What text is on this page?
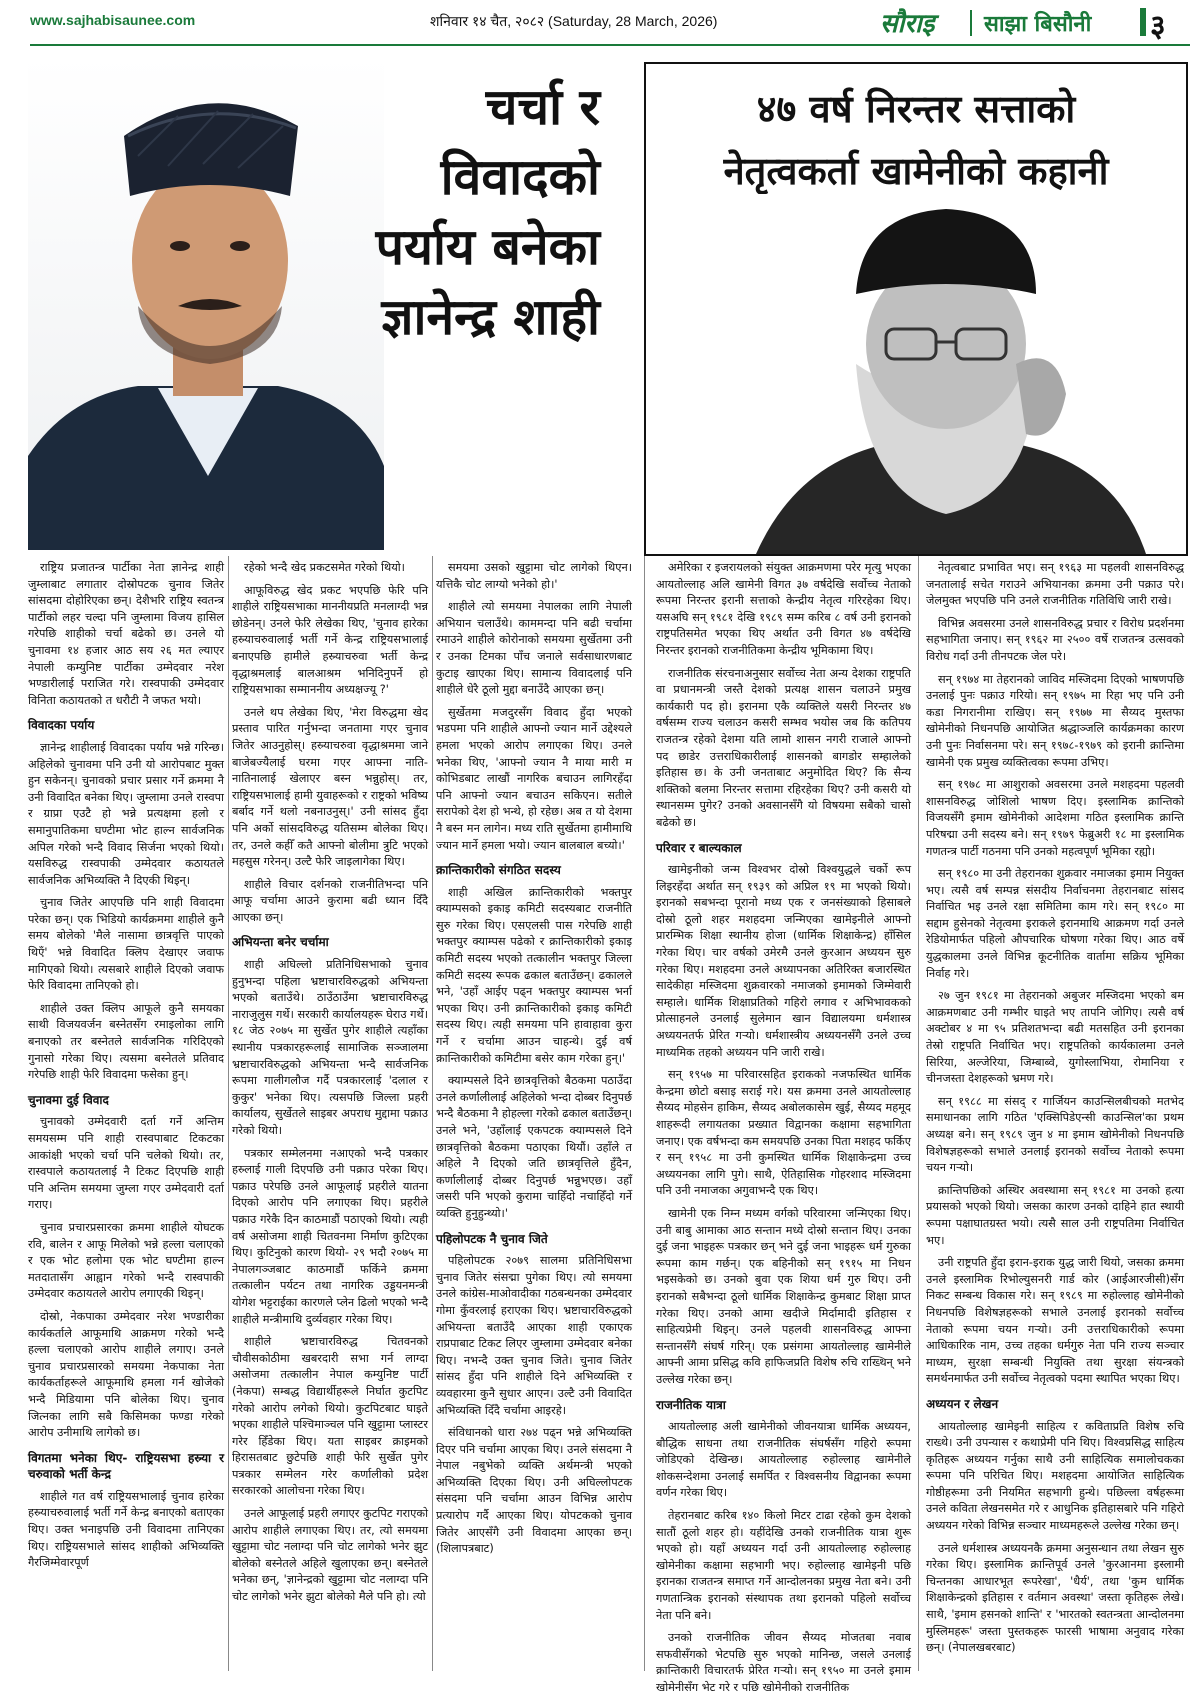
www.sajhabisaunee.com	शनिवार १४ चैत, २०८२ (Saturday, 28 March, 2026)	सौराइ साझा बिसौनी ३
चर्चा र
विवादको
पर्याय बनेका
ज्ञानेन्द्र शाही
४७ वर्ष निरन्तर सत्ताको
नेतृत्वकर्ता खामेनीको कहानी

राष्ट्रिय प्रजातन्त्र पार्टीका नेता ज्ञानेन्द्र शाही जुम्लाबाट लगातार दोस्रोपटक चुनाव जितेर सांसदमा दोहोरिएका छन्। देशैभरि राष्ट्रिय स्वतन्त्र पार्टीको लहर चल्दा पनि जुम्लामा विजय हासिल गरेपछि शाहीको चर्चा बढेको छ। उनले यो चुनावमा १४ हजार आठ सय २६ मत ल्याएर नेपाली कम्युनिष्ट पार्टीका उम्मेदवार नरेश भण्डारीलाई पराजित गरे। रास्वपाकी उम्मेदवार विनिता कठायतको त धरौटी नै जफत भयो।

विवादका पर्याय

ज्ञानेन्द्र शाहीलाई विवादका पर्याय भन्ने गरिन्छ। अहिलेको चुनावमा पनि उनी यो आरोपबाट मुक्त हुन सकेनन्। चुनावको प्रचार प्रसार गर्ने क्रममा नै उनी विवादित बनेका थिए। जुम्लामा उनले रास्वपा र ग्राप्रा एउटै हो भन्ने प्रत्यक्षमा हलो र समानुपातिकमा घण्टीमा भोट हाल्न सार्वजनिक अपिल गरेको भन्दै विवाद सिर्जना भएको थियो। यसविरुद्ध रास्वपाकी उम्मेदवार कठायतले सार्वजनिक अभिव्यक्ति नै दिएकी थिइन्।

चुनाव जितेर आएपछि पनि शाही विवादमा परेका छन्। एक भिडियो कार्यक्रममा शाहीले कुनै समय बोलेको 'मैले नासामा छात्रवृत्ति पाएको थिएँ' भन्ने विवादित क्लिप देखाएर जवाफ मागिएको थियो। त्यसबारे शाहीले दिएको जवाफ फेरि विवादमा तानिएको हो।

शाहीले उक्त क्लिप आफूले कुनै समयका साथी विजयवर्जन बस्नेतसँग रमाइलोका लागि बनाएको तर बस्नेतले सार्वजनिक गरिदिएको गुनासो गरेका थिए। त्यसमा बस्नेतले प्रतिवाद गरेपछि शाही फेरि विवादमा फसेका हुन्।

चुनावमा दुई विवाद

चुनावको उम्मेदवारी दर्ता गर्ने अन्तिम समयसम्म पनि शाही रास्वपाबाट टिकटका आकांक्षी भएको चर्चा पनि चलेको थियो। तर, रास्वपाले कठायतलाई नै टिकट दिएपछि शाही पनि अन्तिम समयमा जुम्ला गएर उम्मेदवारी दर्ता गराए।

चुनाव प्रचारप्रसारका क्रममा शाहीले योघटक रवि, बालेन र आफू मिलेको भन्ने हल्ला चलाएको र एक भोट हलोमा एक भोट घण्टीमा हाल्न मतदातासँग आह्वान गरेको भन्दै रास्वपाकी उम्मेदवार कठायतले आरोप लगाएकी थिइन्।

दोस्रो, नेकपाका उम्मेदवार नरेश भण्डारीका कार्यकर्ताले आफूमाथि आक्रमण गरेको भन्दै हल्ला चलाएको आरोप शाहीले लगाए। उनले चुनाव प्रचारप्रसारको समयमा नेकपाका नेता कार्यकर्ताहरूले आफूमाथि हमला गर्न खोजेको भन्दै मिडियामा पनि बोलेका थिए। चुनाव जित्नका लागि सबै किसिमका फण्डा गरेको आरोप उनीमाथि लागेको छ।

विगतमा भनेका थिए- राष्ट्रियसभा हस्र्या र चरुवाको भर्ती केन्द्र

शाहीले गत वर्ष राष्ट्रियसभालाई चुनाव हारेका हस्र्याचरुवालाई भर्ती गर्ने केन्द्र बनाएको बताएका थिए। उक्त भनाइपछि उनी विवादमा तानिएका थिए। राष्ट्रियसभाले सांसद शाहीको अभिव्यक्ति गैरजिम्मेवारपूर्ण

रहेको भन्दै खेद प्रकटसमेत गरेको थियो।

आफूविरुद्ध खेद प्रकट भएपछि फेरि पनि शाहीले राष्ट्रियसभाका माननीयप्रति मनलाग्दी भन्न छोडेनन्। उनले फेरि लेखेका थिए, 'चुनाव हारेका हस्र्याचरुवालाई भर्ती गर्ने केन्द्र राष्ट्रियसभालाई बनाएपछि हामीले हस्र्याचरुवा भर्ती केन्द्र वृद्धाश्रमलाई बालआश्रम भनिदिनुपर्ने हो राष्ट्रियसभाका सम्माननीय अध्यक्षज्यू ?'

उनले थप लेखेका थिए, 'मेरा विरुद्धमा खेद प्रस्ताव पारित गर्नुभन्दा जनतामा गएर चुनाव जितेर आउनुहोस्। हस्र्याचरुवा वृद्धाश्रममा जाने बाजेबज्यैलाई घरमा गएर आफ्ना नाति-नातिनालाई खेलाएर बस्न भन्नुहोस्। तर, राष्ट्रियसभालाई हामी युवाहरूको र राष्ट्रको भविष्य बर्बाद गर्ने थलो नबनाउनुस्।' उनी सांसद हुँदा पनि अर्को सांसदविरुद्ध यतिसम्म बोलेका थिए। तर, उनले कहीँ कतै आफ्नो बोलीमा त्रुटि भएको महसुस गरेनन्। उल्टै फेरि जाइलागेका थिए।

शाहीले विचार दर्शनको राजनीतिभन्दा पनि आफू चर्चामा आउने कुरामा बढी ध्यान दिँदै आएका छन्।

अभियन्ता बनेर चर्चामा

शाही अघिल्लो प्रतिनिधिसभाको चुनाव हुनुभन्दा पहिला भ्रष्टाचारविरुद्धको अभियन्ता भएको बताउँथे। ठाउँठाउँमा भ्रष्टाचारविरुद्ध नाराजुलुस गर्थे। सरकारी कार्यालयहरू घेराउ गर्थे। १८ जेठ २०७५ मा सुर्खेत पुगेर शाहीले त्यहाँका स्थानीय पत्रकारहरूलाई सामाजिक सञ्जालमा भ्रष्टाचारविरुद्धको अभियन्ता भन्दै सार्वजनिक रूपमा गालीगलौज गर्दै पत्रकारलाई 'दलाल र कुकुर' भनेका थिए। त्यसपछि जिल्ला प्रहरी कार्यालय, सुर्खेतले साइबर अपराध मुद्दामा पक्राउ गरेको थियो।

पत्रकार सम्मेलनमा नआएको भन्दै पत्रकार हस्र्लाई गाली दिएपछि उनी पक्राउ परेका थिए। पक्राउ परेपछि उनले आफूलाई प्रहरीले यातना दिएको आरोप पनि लगाएका थिए। प्रहरीले पक्राउ गरेकै दिन काठमाडौं पठाएको थियो। त्यही वर्ष असोजमा शाही चितवनमा निर्माण कुटिएका थिए। कुटिनुको कारण थियो- २९ भदौ २०७५ मा नेपालगञ्जबाट काठमाडौं फर्किने क्रममा तत्कालीन पर्यटन तथा नागरिक उड्डयनमन्त्री योगेश भट्टराईका कारणले प्लेन ढिलो भएको भन्दै शाहीले मन्त्रीमाथि दुर्व्यवहार गरेका थिए।

शाहीले भ्रष्टाचारविरुद्ध चितवनको चौवीसकोठीमा खबरदारी सभा गर्न लाग्दा असोजमा तत्कालीन नेपाल कम्युनिष्ट पार्टी (नेकपा) सम्बद्ध विद्यार्थीहरूले निर्घात कुटपिट गरेको आरोप लगेको थियो। कुटपिटबाट घाइते भएका शाहीले पश्चिमाञ्चल पनि खुट्टामा प्लास्टर गरेर हिँडेका थिए। यता साइबर क्राइमको हिरासतबाट छुटेपछि शाही फेरि सुर्खेत पुगेर पत्रकार सम्मेलन गरेर कर्णालीको प्रदेश सरकारको आलोचना गरेका थिए।

उनले आफूलाई प्रहरी लगाएर कुटपिट गराएको आरोप शाहीले लगाएका थिए। तर, त्यो समयमा खुट्टामा चोट नलाग्दा पनि चोट लागेको भनेर झुट बोलेको बस्नेतले अहिले खुलाएका छन्। बस्नेतले भनेका छन्, 'ज्ञानेन्द्रको खुट्टामा चोट नलाग्दा पनि चोट लागेको भनेर झुटा बोलेको मैले पनि हो। त्यो

समयमा उसको खुट्टामा चोट लागेको थिएन। यत्तिकै चोट लाग्यो भनेको हो।'

शाहीले त्यो समयमा नेपालका लागि नेपाली अभियान चलाउँथे। काममन्दा पनि बढी चर्चामा रमाउने शाहीले कोरोनाको समयमा सुर्खेतमा उनी र उनका टिमका पाँच जनाले सर्वसाधारणबाट कुटाइ खाएका थिए। सामान्य विवादलाई पनि शाहीले धेरै ठूलो मुद्दा बनाउँदै आएका छन्।

सुर्खेतमा मजदुरसँग विवाद हुँदा भएको भडपमा पनि शाहीले आफ्नो ज्यान मार्ने उद्देश्यले हमला भएको आरोप लगाएका थिए। उनले भनेका थिए, 'आफ्नो ज्यान नै माया मारी म कोभिडबाट लाखौं नागरिक बचाउन लागिरहँदा पनि आफ्नो ज्यान बचाउन सकिएन। सतीले सरापेको देश हो भन्थे, हो रहेछ। अब त यो देशमा नै बस्न मन लागेन। मध्य राति सुर्खेतमा हामीमाथि ज्यान मार्ने हमला भयो। ज्यान बालबाल बच्यो।'

क्रान्तिकारीको संगठित सदस्य

शाही अखिल क्रान्तिकारीको भक्तपुर क्याम्पसको इकाइ कमिटी सदस्यबाट राजनीति सुरु गरेका थिए। एसएलसी पास गरेपछि शाही भक्तपुर क्याम्पस पढेको र क्रान्तिकारीको इकाइ कमिटी सदस्य भएको तत्कालीन भक्तपुर जिल्ला कमिटी सदस्य रूपक ढकाल बताउँछन्। ढकालले भने, 'उहाँ आईए पढ्न भक्तपुर क्याम्पस भर्ना भएका थिए। उनी क्रान्तिकारीको इकाइ कमिटी सदस्य थिए। त्यही समयमा पनि हावाहावा कुरा गर्ने र चर्चामा आउन चाहन्थे। दुई वर्ष क्रान्तिकारीको कमिटीमा बसेर काम गरेका हुन्।'

क्याम्पसले दिने छात्रवृत्तिको बैठकमा पठाउँदा उनले कर्णालीलाई अहिलेको भन्दा दोब्बर दिनुपर्छ भन्दै बैठकमा नै होहल्ला गरेको ढकाल बताउँछन्। उनले भने, 'उहाँलाई एकपटक क्याम्पसले दिने छात्रवृत्तिको बैठकमा पठाएका थियौं। उहाँले त अहिले नै दिएको जति छात्रवृत्तिले हुँदैन, कर्णालीलाई दोब्बर दिनुपर्छ भन्नुभएछ। उहाँ जसरी पनि भएको कुरामा चाहिँदो नचाहिँदो गर्ने व्यक्ति हुनुहुन्थ्यो।'

पहिलोपटक नै चुनाव जिते

पहिलोपटक २०७९ सालमा प्रतिनिधिसभा चुनाव जितेर संसद्मा पुगेका थिए। त्यो समयमा उनले कांग्रेस-माओवादीका गठबन्धनका उम्मेदवार गोमा कुँवरलाई हराएका थिए। भ्रष्टाचारविरुद्धको अभियन्ता बताउँदै आएका शाही एकाएक राप्रपाबाट टिकट लिएर जुम्लामा उम्मेदवार बनेका थिए। नभन्दै उक्त चुनाव जिते। चुनाव जितेर सांसद हुँदा पनि शाहीले दिने अभिव्यक्ति र व्यवहारमा कुनै सुधार आएन। उल्टै उनी विवादित अभिव्यक्ति दिँदै चर्चामा आइरहे।

संविधानको धारा २७४ पढ्न भन्ने अभिव्यक्ति दिएर पनि चर्चामा आएका थिए। उनले संसदमा नै नेपाल नबुभेको व्यक्ति अर्थमन्त्री भएको अभिव्यक्ति दिएका थिए। उनी अघिल्लोपटक संसदमा पनि चर्चामा आउन विभिन्न आरोप प्रत्यारोप गर्दै आएका थिए। योपटकको चुनाव जितेर आएसँगै उनी विवादमा आएका छन्। (शिलापत्रबाट)

अमेरिका र इजरायलको संयुक्त आक्रमणमा परेर मृत्यु भएका आयतोल्लाह अलि खामेनी विगत ३७ वर्षदेखि सर्वोच्च नेताको रूपमा निरन्तर इरानी सत्ताको केन्द्रीय नेतृत्व गरिरहेका थिए। यसअघि सन् १९८१ देखि १९८९ सम्म करिब ८ वर्ष उनी इरानको राष्ट्रपतिसमेत भएका थिए अर्थात उनी विगत ४७ वर्षदेखि निरन्तर इरानको राजनीतिकमा केन्द्रीय भूमिकामा थिए।

राजनीतिक संरचनाअनुसार सर्वोच्च नेता अन्य देशका राष्ट्रपति वा प्रधानमन्त्री जस्तै देशको प्रत्यक्ष शासन चलाउने प्रमुख कार्यकारी पद हो। इरानमा एकै व्यक्तिले यसरी निरन्तर ४७ वर्षसम्म राज्य चलाउन कसरी सम्भव भयोस जब कि कतिपय राजतन्त्र रहेको देशमा यति लामो शासन नगरी राजाले आफ्नो पद छाडेर उत्तराधिकारीलाई शासनको बागडोर सम्हालेको इतिहास छ। के उनी जनताबाट अनुमोदित थिए? कि सैन्य शक्तिको बलमा निरन्तर सत्तामा रहिरहेका थिए? उनी कसरी यो स्थानसम्म पुगेर? उनको अवसानसँगै यो विषयमा सबैको चासो बढेको छ।

परिवार र बाल्यकाल

खामेइनीको जन्म विश्वभर दोस्रो विश्वयुद्धले चर्को रूप लिइरहँदा अर्थात सन् १९३९ को अप्रिल १९ मा भएको थियो। इरानको सबभन्दा पूरानो मध्य एक र जनसंख्याको हिसाबले दोस्रो ठूलो शहर मशहदमा जन्मिएका खामेइनीले आफ्नो प्रारम्भिक शिक्षा स्थानीय होजा (धार्मिक शिक्षाकेन्द्र) हाँसिल गरेका थिए। चार वर्षको उमेरमै उनले कुरआन अध्ययन सुरु गरेका थिए। मशहदमा उनले अध्यापनका अतिरिक्त बजारस्थित सादेकीहा मस्जिदमा शुक्रवारको नमाजको इमामको जिम्मेवारी सम्हाले। धार्मिक शिक्षाप्रतिको गहिरो लगाव र अभिभावकको प्रोत्साहनले उनलाई सुलेमान खान विद्यालयमा धर्मशास्त्र अध्ययनतर्फ प्रेरित गर्‍यो। धर्मशास्त्रीय अध्ययनसँगै उनले उच्च माध्यमिक तहको अध्ययन पनि जारी राखे।

सन् १९५७ मा परिवारसहित इराकको नजफस्थित धार्मिक केन्द्रमा छोटो बसाइ सराई गरे। यस क्रममा उनले आयतोल्लाह सैय्यद मोहसेन हाकिम, सैय्यद अबोलकासेम खुई, सैय्यद महमूद शाहरूदी लगायतका प्रख्यात विद्वानका कक्षामा सहभागिता जनाए। एक वर्षभन्दा कम समयपछि उनका पिता मशहद फर्किए र सन् १९५८ मा उनी कुमस्थित धार्मिक शिक्षाकेन्द्रमा उच्च अध्ययनका लागि पुगे। साथै, ऐतिहासिक गोहरशाद मस्जिदमा पनि उनी नमाजका अगुवाभन्दै एक थिए।

खामेनी एक निम्न मध्यम वर्गको परिवारमा जन्मिएका थिए। उनी बाबु आमाका आठ सन्तान मध्ये दोस्रो सन्तान थिए। उनका दुई जना भाइहरू पत्रकार छन् भने दुई जना भाइहरू धर्म गुरुका रूपमा काम गर्छन्। एक बहिनीको सन् १९१५ मा निधन भइसकेको छ। उनको बुवा एक शिया धर्म गुरु थिए। उनी इरानको सबैभन्दा ठूलो धार्मिक शिक्षाकेन्द्र कुमबाट शिक्षा प्राप्त गरेका थिए। उनको आमा खदीजे मिर्दामादी इतिहास र साहित्यप्रेमी थिइन्। उनले पहलवी शासनविरुद्ध आफ्ना सन्तानसँगै संघर्ष गरिन्। एक प्रसंगमा आयतोल्लाह खामेनीले आफ्नी आमा प्रसिद्ध कवि हाफिजप्रति विशेष रुचि राख्थिन् भने उल्लेख गरेका छन्।

राजनीतिक यात्रा

आयतोल्लाह अली खामेनीको जीवनयात्रा धार्मिक अध्ययन, बौद्धिक साधना तथा राजनीतिक संघर्षसँग गहिरो रूपमा जोडिएको देखिन्छ। आयतोल्लाह रुहोल्लाह खामेनीले शोकसन्देशमा उनलाई समर्पित र विश्वसनीय विद्वानका रूपमा वर्णन गरेका थिए।

तेहरानबाट करिब १४० किलो मिटर टाढा रहेको कुम देशको सातौं ठूलो शहर हो। यहींदेखि उनको राजनीतिक यात्रा शुरू भएको हो। यहाँ अध्ययन गर्दा उनी आयतोल्लाह रुहोल्लाह खोमेनीका कक्षामा सहभागी भए। रुहोल्लाह खामेइनी पछि इरानका राजतन्त्र समाप्त गर्ने आन्दोलनका प्रमुख नेता बने। उनी गणतान्त्रिक इरानको संस्थापक तथा इरानको पहिलो सर्वोच्च नेता पनि बने।

उनको राजनीतिक जीवन सैय्यद मोजतबा नवाब सफवीसँगको भेटपछि सुरु भएको मानिन्छ, जसले उनलाई क्रान्तिकारी विचारतर्फ प्रेरित गर्‍यो। सन् १९५० मा उनले इमाम खोमेनीसँग भेट गरे र पछि खोमेनीको राजनीतिक

नेतृत्वबाट प्रभावित भए। सन् १९६३ मा पहलवी शासनविरुद्ध जनतालाई सचेत गराउने अभियानका क्रममा उनी पक्राउ परे। जेलमुक्त भएपछि पनि उनले राजनीतिक गतिविधि जारी राखे।

विभिन्न अवसरमा उनले शासनविरुद्ध प्रचार र विरोध प्रदर्शनमा सहभागिता जनाए। सन् १९६२ मा २५०० वर्षे राजतन्त्र उत्सवको विरोध गर्दा उनी तीनपटक जेल परे।

सन् १९७४ मा तेहरानको जाविद मस्जिदमा दिएको भाषणपछि उनलाई पुनः पक्राउ गरियो। सन् १९७५ मा रिहा भए पनि उनी कडा निगरानीमा राखिए। सन् १९७७ मा सैय्यद मुस्तफा खोमेनीको निधनपछि आयोजित श्रद्धाञ्जलि कार्यक्रमका कारण उनी पुनः निर्वासनमा परे। सन् १९७८-१९७९ को इरानी क्रान्तिमा खामेनी एक प्रमुख व्यक्तित्वका रूपमा उभिए।

सन् १९७८ मा आशुराको अवसरमा उनले मशहदमा पहलवी शासनविरुद्ध जोशिलो भाषण दिए। इस्लामिक क्रान्तिको विजयसँगै इमाम खोमेनीको आदेशमा गठित इस्लामिक क्रान्ति परिषद्मा उनी सदस्य बने। सन् १९७९ फेब्रुअरी १८ मा इस्लामिक गणतन्त्र पार्टी गठनमा पनि उनको महत्वपूर्ण भूमिका रह्यो।

सन् १९८० मा उनी तेहरानका शुक्रवार नमाजका इमाम नियुक्त भए। त्यसै वर्ष सम्पन्न संसदीय निर्वाचनमा तेहरानबाट सांसद निर्वाचित भइ उनले रक्षा समितिमा काम गरे। सन् १९८० मा सद्दाम हुसेनको नेतृत्वमा इराकले इरानमाथि आक्रमण गर्दा उनले रेडियोमार्फत पहिलो औपचारिक घोषणा गरेका थिए। आठ वर्षे युद्धकालमा उनले विभिन्न कूटनीतिक वार्तामा सक्रिय भूमिका निर्वाह गरे।

२७ जुन १९८१ मा तेहरानको अबुजर मस्जिदमा भएको बम आक्रमणबाट उनी गम्भीर घाइते भए तापनि जोगिए। त्यसै वर्ष अक्टोबर ४ मा ९५ प्रतिशतभन्दा बढी मतसहित उनी इरानका तेस्रो राष्ट्रपति निर्वाचित भए। राष्ट्रपतिको कार्यकालमा उनले सिरिया, अल्जेरिया, जिम्बाब्वे, युगोस्लाभिया, रोमानिया र चीनजस्ता देशहरूको भ्रमण गरे।

सन् १९८८ मा संसद् र गार्जियन काउन्सिलबीचको मतभेद समाधानका लागि गठित 'एक्सिपिडेएन्सी काउन्सिल'का प्रथम अध्यक्ष बने। सन् १९८९ जुन ४ मा इमाम खोमेनीको निधनपछि विशेषज्ञहरूको सभाले उनलाई इरानको सर्वोच्च नेताको रूपमा चयन गर्‍यो।

क्रान्तिपछिको अस्थिर अवस्थामा सन् १९८१ मा उनको हत्या प्रयासको भएको थियो। जसका कारण उनको दाहिने हात स्थायी रूपमा पक्षाघातग्रस्त भयो। त्यसै साल उनी राष्ट्रपतिमा निर्वाचित भए।

उनी राष्ट्रपति हुँदा इरान-इराक युद्ध जारी थियो, जसका क्रममा उनले इस्लामिक रिभोल्युसनरी गार्ड कोर (आईआरजीसी)सँग निकट सम्बन्ध विकास गरे। सन् १९८९ मा रुहोल्लाह खोमेनीको निधनपछि विशेषज्ञहरूको सभाले उनलाई इरानको सर्वोच्च नेताको रूपमा चयन गर्‍यो। उनी उत्तराधिकारीको रूपमा आधिकारिक नाम, उच्च तहका धर्मगुरु नेता पनि राज्य सञ्चार माध्यम, सुरक्षा सम्बन्धी नियुक्ति तथा सुरक्षा संयन्त्रको समर्थनमार्फत उनी सर्वोच्च नेतृत्वको पदमा स्थापित भएका थिए।

अध्ययन र लेखन

आयतोल्लाह खामेइनी साहित्य र कविताप्रति विशेष रुचि राख्थे। उनी उपन्यास र कथाप्रेमी पनि थिए। विश्वप्रसिद्ध साहित्य कृतिहरू अध्ययन गर्नुका साथै उनी साहित्यिक समालोचकका रूपमा पनि परिचित थिए। मशहदमा आयोजित साहित्यिक गोष्ठीहरूमा उनी नियमित सहभागी हुन्थे। पछिल्ला वर्षहरूमा उनले कविता लेखनसमेत गरे र आधुनिक इतिहासबारे पनि गहिरो अध्ययन गरेको विभिन्न सञ्चार माध्यमहरूले उल्लेख गरेका छन्।

उनले धर्मशास्त्र अध्ययनकै क्रममा अनुसन्धान तथा लेखन सुरु गरेका थिए। इस्लामिक क्रान्तिपूर्व उनले 'कुरआनमा इस्लामी चिन्तनका आधारभूत रूपरेखा', 'धैर्य', तथा 'कुम धार्मिक शिक्षाकेन्द्रको इतिहास र वर्तमान अवस्था' जस्ता कृतिहरू लेखे। साथै, 'इमाम हसनको शान्ति' र 'भारतको स्वतन्त्रता आन्दोलनमा मुस्लिमहरू' जस्ता पुस्तकहरू फारसी भाषामा अनुवाद गरेका छन्। (नेपालखबरबाट)
